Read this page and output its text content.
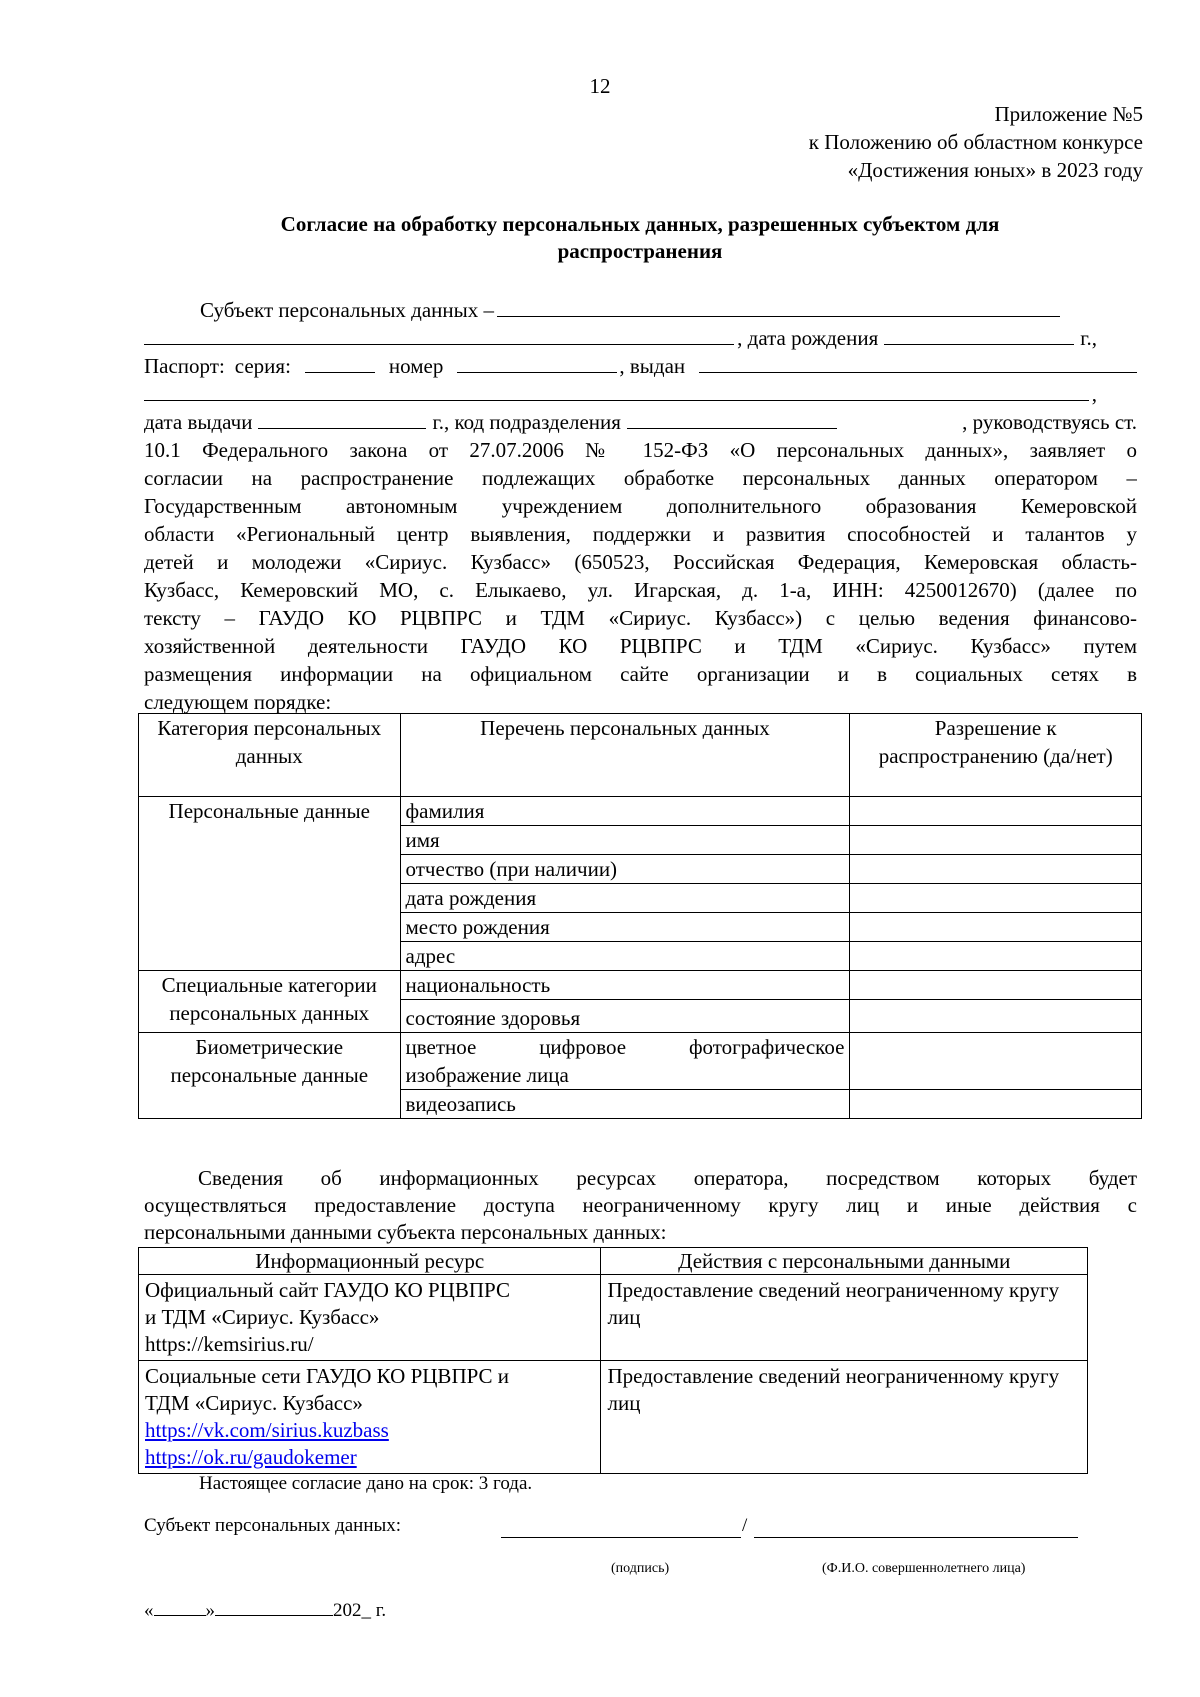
12
Приложение №5
к Положению об областном конкурсе
«Достижения юных» в 2023 году
Согласие на обработку персональных данных, разрешенных субъектом для
распространения
Субъект персональных данных –
, дата рождения	г.,
Паспорт: серия:	номер	, выдан
,
дата выдачи	г., код подразделения	, руководствуясь ст.
10.1 Федерального закона от 27.07.2006 № 152-ФЗ «О персональных данных», заявляет о
согласии на распространение подлежащих обработке персональных данных оператором –
Государственным автономным учреждением дополнительного образования Кемеровской
области «Региональный центр выявления, поддержки и развития способностей и талантов у
детей и молодежи «Сириус. Кузбасс» (650523, Российская Федерация, Кемеровская область-
Кузбасс, Кемеровский МО, с. Елыкаево, ул. Игарская, д. 1-а, ИНН: 4250012670) (далее по
тексту – ГАУДО КО РЦВПРС и ТДМ «Сириус. Кузбасс») с целью ведения финансово-
хозяйственной деятельности ГАУДО КО РЦВПРС и ТДМ «Сириус. Кузбасс» путем
размещения информации на официальном сайте организации и в социальных сетях в
следующем порядке:
Категория персональных данных	Перечень персональных данных	Разрешение к распространению (да/нет)
Персональные данные	фамилия	
	имя	
	отчество (при наличии)	
	дата рождения	
	место рождения	
	адрес	
Специальные категории персональных данных	национальность	
	состояние здоровья	
Биометрические персональные данные	цветное цифровое фотографическое изображение лица	
	видеозапись	
Сведения об информационных ресурсах оператора, посредством которых будет
осуществляться предоставление доступа неограниченному кругу лиц и иные действия с
персональными данными субъекта персональных данных:
Информационный ресурс	Действия с персональными данными

Официальный сайт ГАУДО КО РЦВПРС
и ТДМ «Сириус. Кузбасс»
https://kemsirius.ru/	Предоставление сведений неограниченному кругу лиц

Социальные сети ГАУДО КО РЦВПРС и
ТДМ «Сириус. Кузбасс»
https://vk.com/sirius.kuzbass
https://ok.ru/gaudokemer	Предоставление сведений неограниченному кругу лиц
Настоящее согласие дано на срок: 3 года.
Субъект персональных данных:	/
(подпись)	(Ф.И.О. совершеннолетнего лица)
«	»	202_ г.
